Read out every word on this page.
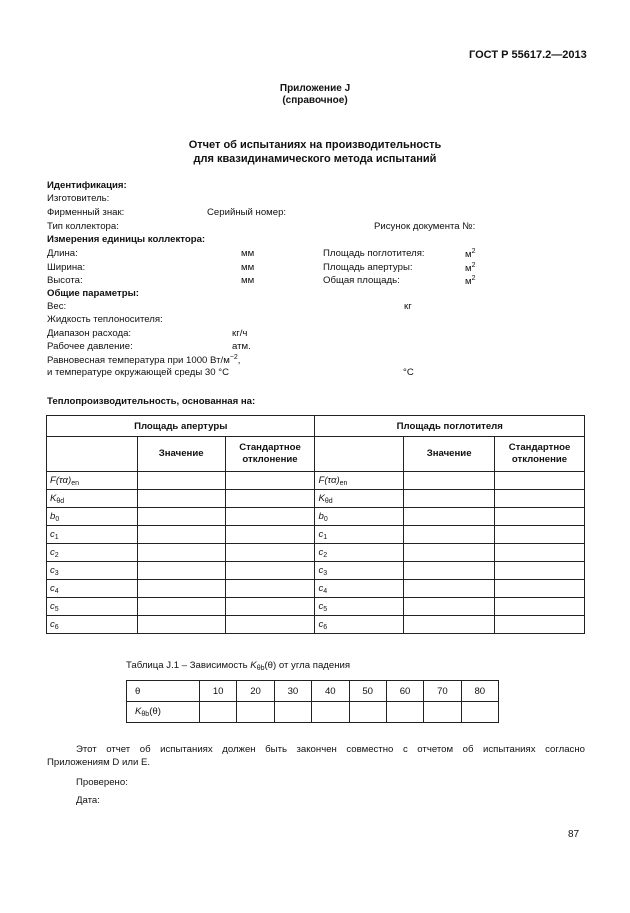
ГОСТ Р 55617.2—2013
Приложение J
(справочное)
Отчет об испытаниях на производительность
для квазидинамического метода испытаний
Идентификация:
Изготовитель:
Фирменный знак:	Серийный номер:
Тип коллектора:	Рисунок документа №:
Измерения единицы коллектора:
Длина:	мм	Площадь поглотителя:	$м^2$
Ширина:	мм	Площадь апертуры:	$м^2$
Высота:	мм	Общая площадь:	$м^2$
Общие параметры:
Вес:	кг
Жидкость теплоносителя:
Диапазон расхода:	кг/ч
Рабочее давление:	атм.
Равновесная температура при 1000 $Вт/м^{-2}$,
и температуре окружающей среды 30 °С	°С
Теплопроизводительность, основанная на:
Площадь апертуры			Площадь поглотителя		
	Значение	Стандартное отклонение		Значение	Стандартное отклонение
$F(\tau\alpha)_{en}$			$F(\tau\alpha)_{en}$		
$K_{\theta d}$			$K_{\theta d}$		
$b_0$			$b_0$		
$c_1$			$c_1$		
$c_2$			$c_2$		
$c_3$			$c_3$		
$c_4$			$c_4$		
$c_5$			$c_5$		
$c_6$			$c_6$		
Таблица J.1 – Зависимость $K_{\theta b}(\theta)$ от угла падения
θ	10	20	30	40	50	60	70	80
$K_{\theta b}(\theta)$								
Этот отчет об испытаниях должен быть закончен совместно с отчетом об испытаниях согласно
Приложениям D или E.
Проверено:
Дата:
87
